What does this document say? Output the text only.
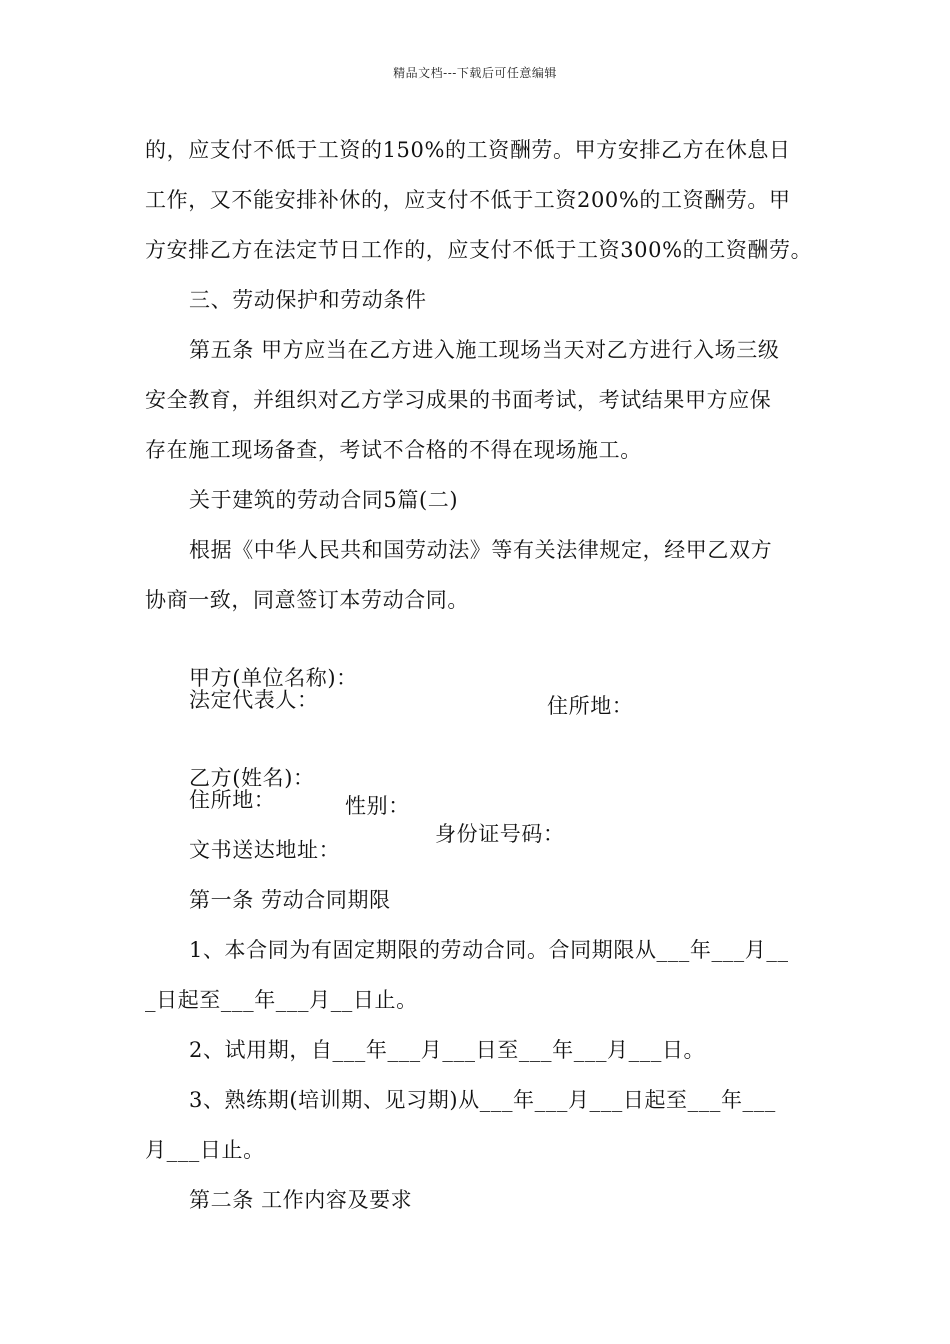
精品文档---下载后可任意编辑
的，应支付不低于工资的150%的工资酬劳。甲方安排乙方在休息日
工作，又不能安排补休的，应支付不低于工资200%的工资酬劳。甲
方安排乙方在法定节日工作的，应支付不低于工资300%的工资酬劳。
三、劳动保护和劳动条件
第五条 甲方应当在乙方进入施工现场当天对乙方进行入场三级
安全教育，并组织对乙方学习成果的书面考试，考试结果甲方应保
存在施工现场备查，考试不合格的不得在现场施工。
关于建筑的劳动合同5篇(二)
根据《中华人民共和国劳动法》等有关法律规定，经甲乙双方
协商一致，同意签订本劳动合同。

甲方(单位名称)：

住所地：

法定代表人：

乙方(姓名)：

性别：

身份证号码：

住所地：
文书送达地址：
第一条 劳动合同期限
1、本合同为有固定期限的劳动合同。合同期限从___年___月__
_日起至___年___月__日止。
2、试用期，自___年___月___日至___年___月___日。
3、熟练期(培训期、见习期)从___年___月___日起至___年___
月___日止。
第二条 工作内容及要求
